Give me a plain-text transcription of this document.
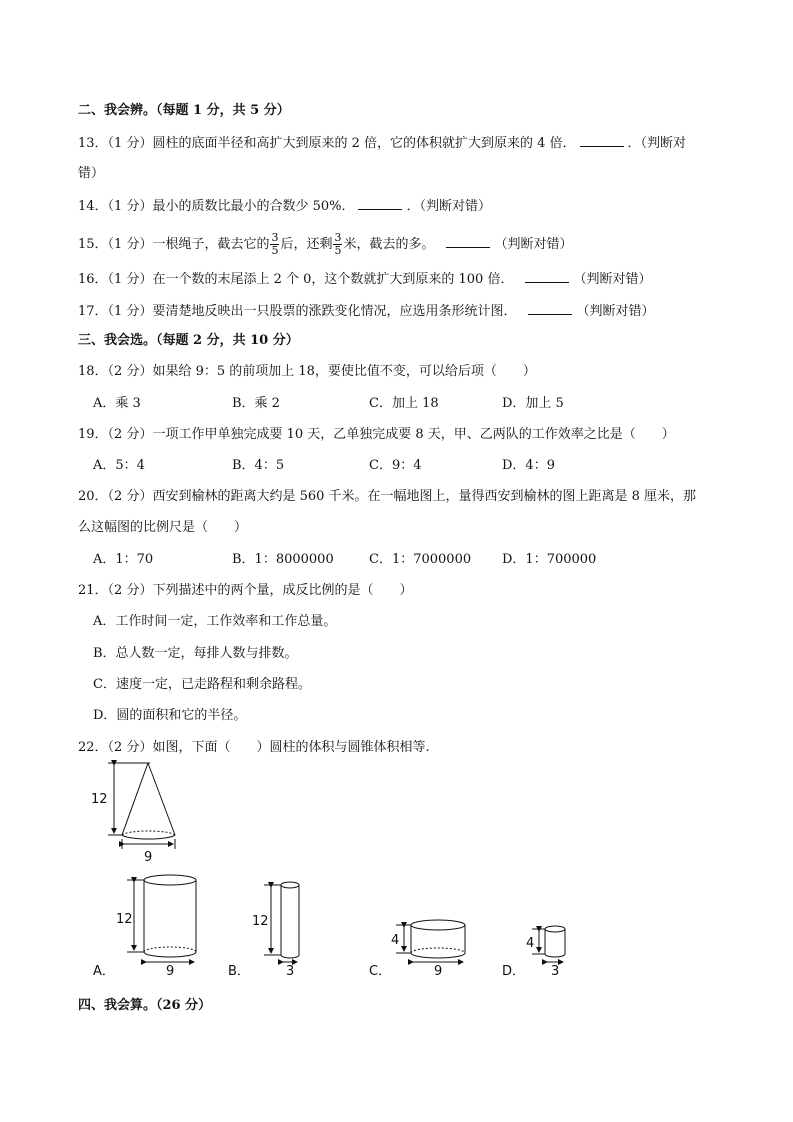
二、我会辨。（每题 1 分，共 5 分）
13．（1 分）圆柱的底面半径和高扩大到原来的 2 倍，它的体积就扩大到原来的 4 倍．	．（判断对
错）
14．（1 分）最小的质数比最小的合数少 50%．	．（判断对错）
15．（1 分）一根绳子，截去它的 $\frac{3}{5}$ 后，还剩 $\frac{3}{5}$ 米，截去的多。	（判断对错）
16．（1 分）在一个数的末尾添上 2 个 0，这个数就扩大到原来的 100 倍．	（判断对错）
17．（1 分）要清楚地反映出一只股票的涨跌变化情况，应选用条形统计图．	（判断对错）
三、我会选。（每题 2 分，共 10 分）
18．（2 分）如果给 9：5 的前项加上 18，要使比值不变，可以给后项（　　）
A．乘 3	B．乘 2	C．加上 18	D．加上 5
19．（2 分）一项工作甲单独完成要 10 天，乙单独完成要 8 天，甲、乙两队的工作效率之比是（　　）
A．5：4	B．4：5	C．9：4	D．4：9
20．（2 分）西安到榆林的距离大约是 560 千米。在一幅地图上，量得西安到榆林的图上距离是 8 厘米，那
么这幅图的比例尺是（　　）
A．1：70	B．1：8000000	C．1：7000000 D．1：700000
21．（2 分）下列描述中的两个量，成反比例的是（　　）
A．工作时间一定，工作效率和工作总量。
B．总人数一定，每排人数与排数。
C．速度一定，已走路程和剩余路程。
D．圆的面积和它的半径。
22．（2 分）如图，下面（　　）圆柱的体积与圆锥体积相等.
12
9
12
9
A．
12
3
B．
4
9
C．
4
3
D．
四、我会算。（26 分）
